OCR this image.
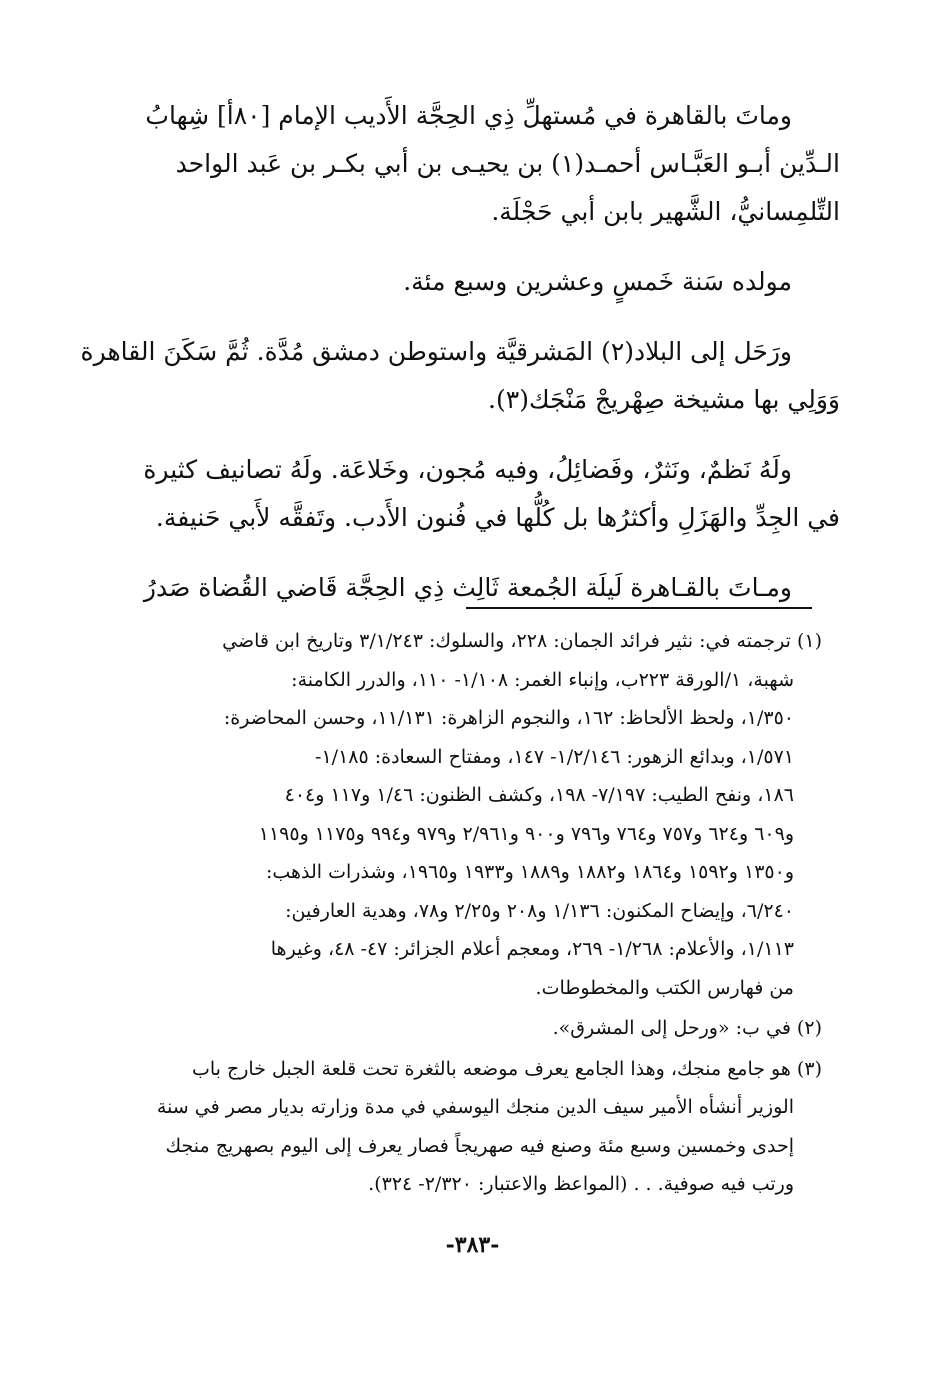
وماتَ بالقاهرة في مُستهلِّ ذِي الحِجَّة الأَديب الإمام [٨٠أ] شِهابُ
الـدِّين أبـو العَبَّـاس أحمـد(١) بن يحيـى بن أبي بكـر بن عَبد الواحد
التِّلمِسانيُّ، الشَّهير بابن أبي حَجْلَة.

مولده سَنة خَمسٍ وعشرين وسبع مئة.

ورَحَل إلى البلاد(٢) المَشرقيَّة واستوطن دمشق مُدَّة. ثُمَّ سَكَنَ القاهرة
وَوَلِي بها مشيخة صِهْريجْ مَنْجَك(٣).

ولَهُ نَظمٌ، ونَثرٌ، وفَضائِلُ، وفيه مُجون، وخَلاعَة. ولَهُ تصانيف كثيرة
في الجِدِّ والهَزَلِ وأكثرُها بل كُلُّها في فُنون الأَدب. وتَفقَّه لأَبي حَنيفة.

ومـاتَ بالقـاهرة لَيلَة الجُمعة ثَالِث ذِي الحِجَّة قَاضي القُضاة صَدرُ

(١) ترجمته في: نثير فرائد الجمان: ٢٢٨، والسلوك: ٣/١/٢٤٣ وتاريخ ابن قاضي
شهبة، ١/الورقة ٢٢٣ب، وإنباء الغمر: ١/١٠٨- ١١٠، والدرر الكامنة:
١/٣٥٠، ولحظ الألحاظ: ١٦٢، والنجوم الزاهرة: ١١/١٣١، وحسن المحاضرة:
١/٥٧١، وبدائع الزهور: ١/٢/١٤٦- ١٤٧، ومفتاح السعادة: ١/١٨٥-
١٨٦، ونفح الطيب: ٧/١٩٧- ١٩٨، وكشف الظنون: ١/٤٦ و١١٧ و٤٠٤
و٦٠٩ و٦٢٤ و٧٥٧ و٧٦٤ و٧٩٦ و٩٠٠ و٢/٩٦١ و٩٧٩ و٩٩٤ و١١٧٥ و١١٩٥
و١٣٥٠ و١٥٩٢ و١٨٦٤ و١٨٨٢ و١٨٨٩ و١٩٣٣ و١٩٦٥، وشذرات الذهب:
٦/٢٤٠، وإيضاح المكنون: ١/١٣٦ و٢٠٨ و٢/٢٥ و٧٨، وهدية العارفين:
١/١١٣، والأعلام: ١/٢٦٨- ٢٦٩، ومعجم أعلام الجزائر: ٤٧- ٤٨، وغيرها
من فهارس الكتب والمخطوطات.
(٢) في ب: «ورحل إلى المشرق».
(٣) هو جامع منجك، وهذا الجامع يعرف موضعه بالثغرة تحت قلعة الجبل خارج باب
الوزير أنشأه الأمير سيف الدين منجك اليوسفي في مدة وزارته بديار مصر في سنة
إحدى وخمسين وسبع مئة وصنع فيه صهريجاً فصار يعرف إلى اليوم بصهريج منجك
ورتب فيه صوفية. . . (المواعظ والاعتبار: ٢/٣٢٠- ٣٢٤).
-٣٨٣-
